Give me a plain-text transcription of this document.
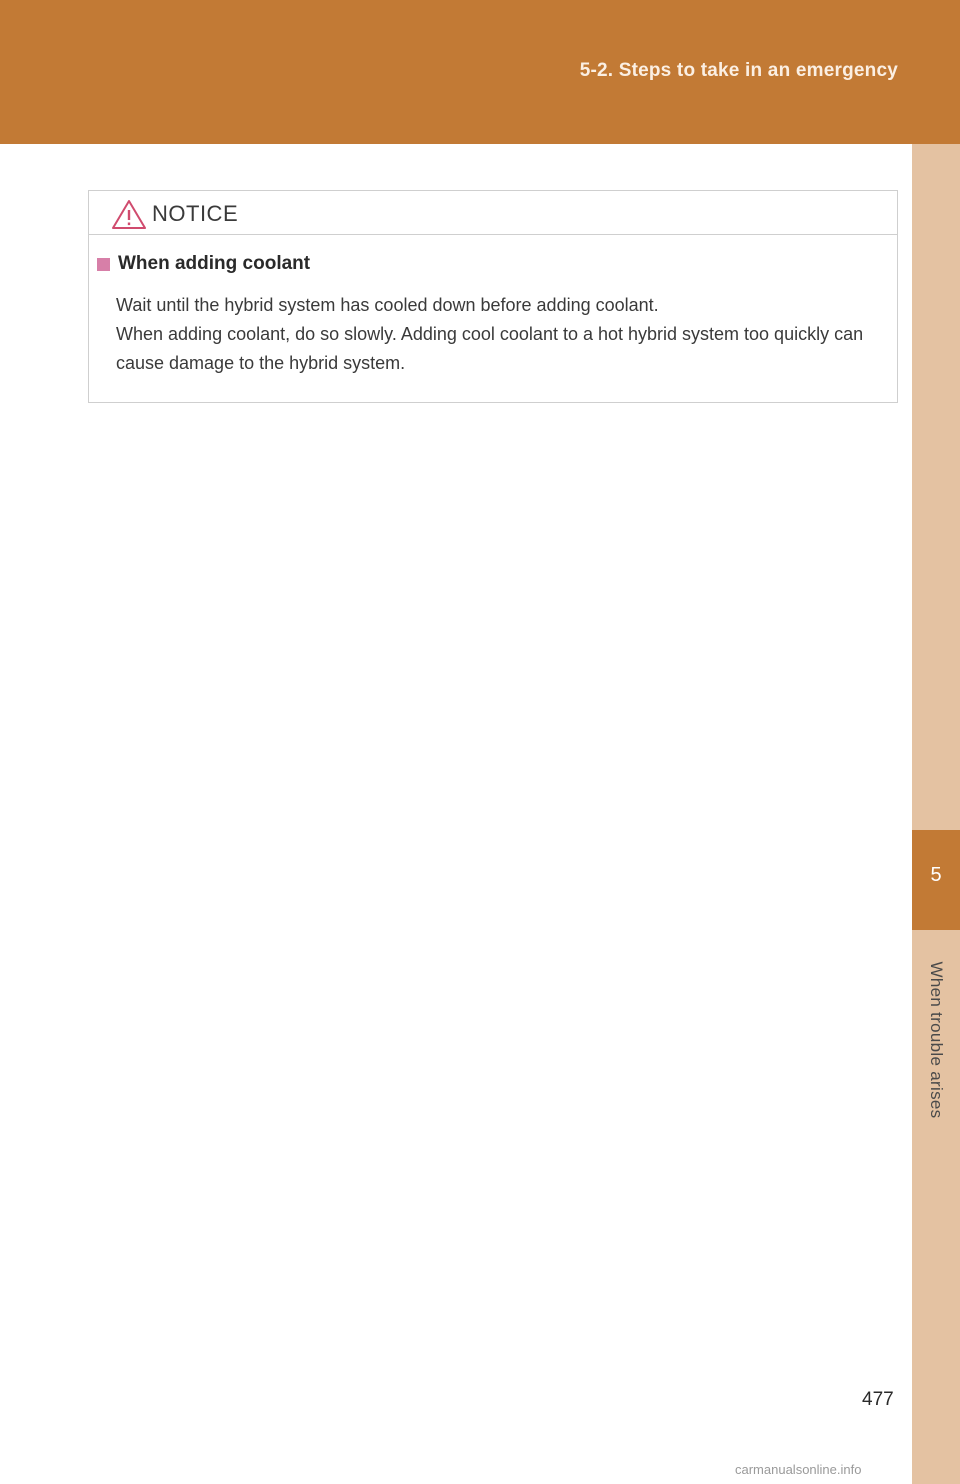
5-2. Steps to take in an emergency
5
When trouble arises
NOTICE
When adding coolant

Wait until the hybrid system has cooled down before adding coolant.

When adding coolant, do so slowly. Adding cool coolant to a hot hybrid system too quickly can cause damage to the hybrid system.

477
carmanualsonline.info
